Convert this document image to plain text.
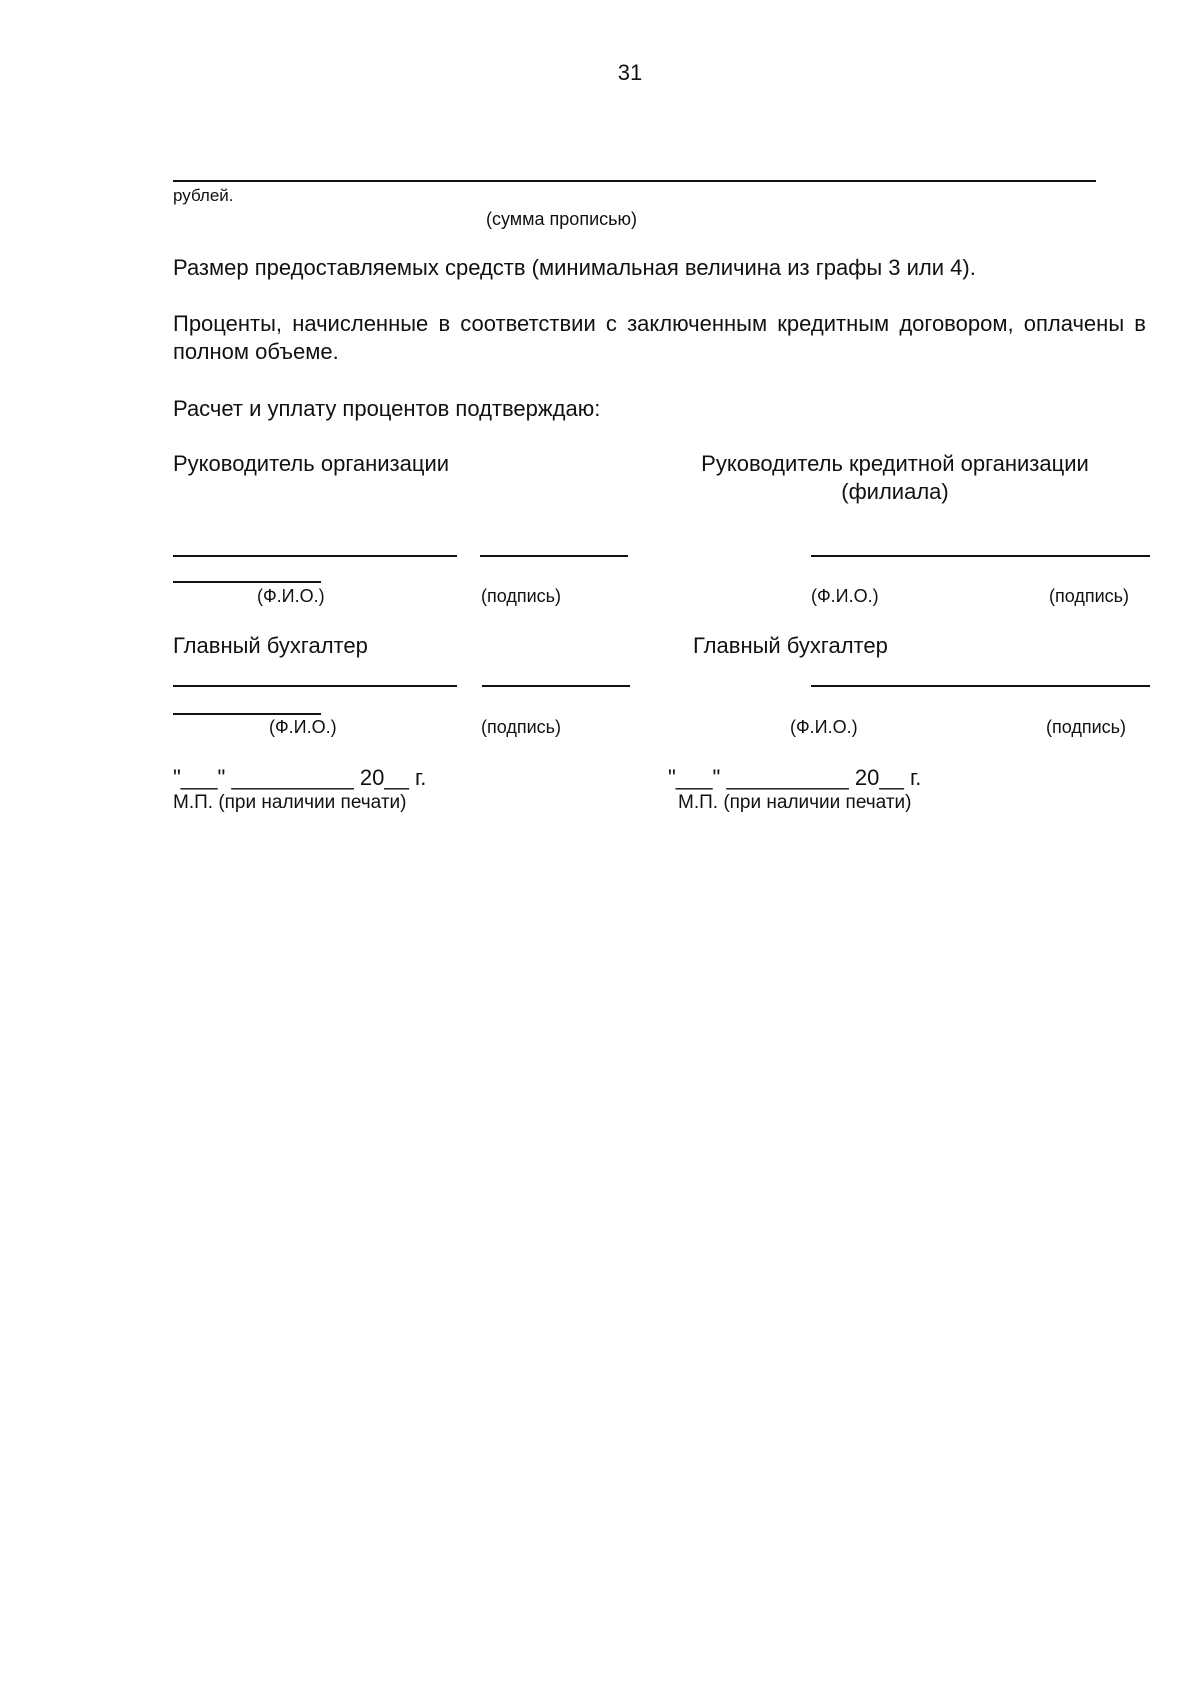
31
рублей.
(сумма прописью)
Размер предоставляемых средств (минимальная величина из графы 3 или 4).
Проценты, начисленные в соответствии с заключенным кредитным договором, оплачены в полном объеме.
Расчет и уплату процентов подтверждаю:
Руководитель организации	Руководитель кредитной организации
(филиала)
(Ф.И.О.)	(подпись)	(Ф.И.О.)	(подпись)
Главный бухгалтер	Главный бухгалтер
(Ф.И.О.)	(подпись)	(Ф.И.О.)	(подпись)
"___" __________ 20__ г.	"___" __________ 20__ г.
М.П. (при наличии печати)	М.П. (при наличии печати)
